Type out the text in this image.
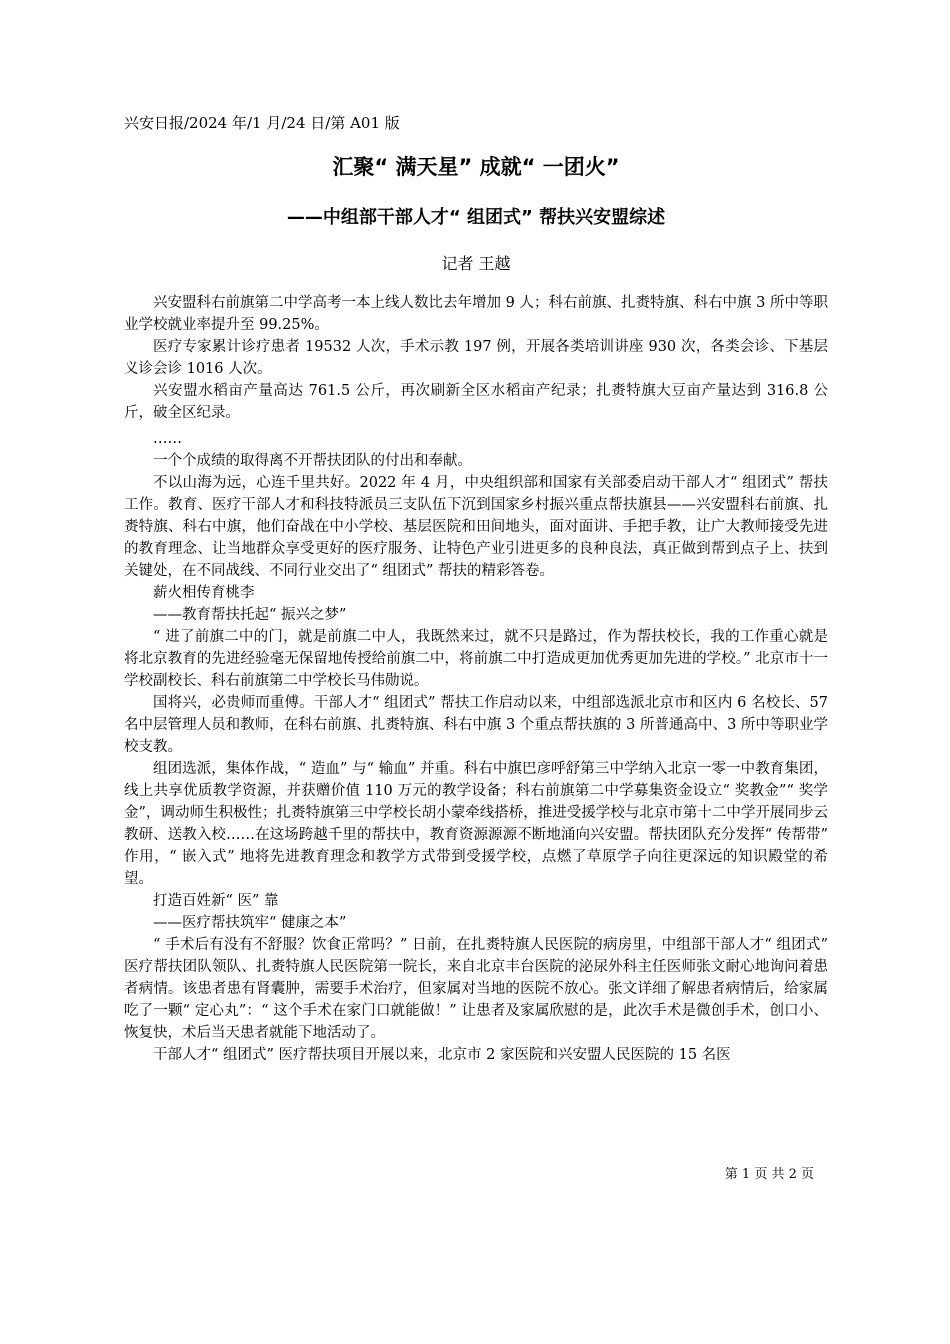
兴安日报/2024 年/1 月/24 日/第 A01 版
汇聚“ 满天星” 成就“ 一团火”
——中组部干部人才“ 组团式” 帮扶兴安盟综述
记者 王越

兴安盟科右前旗第二中学高考一本上线人数比去年增加 9 人；科右前旗、扎赉特旗、科右中旗 3 所中等职业学校就业率提升至 99.25%。

医疗专家累计诊疗患者 19532 人次，手术示教 197 例，开展各类培训讲座 930 次，各类会诊、下基层义诊会诊 1016 人次。

兴安盟水稻亩产量高达 761.5 公斤，再次刷新全区水稻亩产纪录；扎赉特旗大豆亩产量达到 316.8 公斤，破全区纪录。

……

一个个成绩的取得离不开帮扶团队的付出和奉献。

不以山海为远，心连千里共好。2022 年 4 月，中央组织部和国家有关部委启动干部人才“ 组团式” 帮扶工作。教育、医疗干部人才和科技特派员三支队伍下沉到国家乡村振兴重点帮扶旗县——兴安盟科右前旗、扎赉特旗、科右中旗，他们奋战在中小学校、基层医院和田间地头，面对面讲、手把手教，让广大教师接受先进的教育理念、让当地群众享受更好的医疗服务、让特色产业引进更多的良种良法，真正做到帮到点子上、扶到关键处，在不同战线、不同行业交出了“ 组团式” 帮扶的精彩答卷。

薪火相传育桃李

——教育帮扶托起“ 振兴之梦”

“ 进了前旗二中的门，就是前旗二中人，我既然来过，就不只是路过，作为帮扶校长，我的工作重心就是将北京教育的先进经验毫无保留地传授给前旗二中，将前旗二中打造成更加优秀更加先进的学校。” 北京市十一学校副校长、科右前旗第二中学校长马伟勋说。

国将兴，必贵师而重傅。干部人才“ 组团式” 帮扶工作启动以来，中组部选派北京市和区内 6 名校长、57 名中层管理人员和教师，在科右前旗、扎赉特旗、科右中旗 3 个重点帮扶旗的 3 所普通高中、3 所中等职业学校支教。

组团选派，集体作战，“ 造血” 与“ 输血” 并重。科右中旗巴彦呼舒第三中学纳入北京一零一中教育集团，线上共享优质教学资源，并获赠价值 110 万元的教学设备；科右前旗第二中学募集资金设立“ 奖教金”“ 奖学金”，调动师生积极性；扎赉特旗第三中学校长胡小蒙牵线搭桥，推进受援学校与北京市第十二中学开展同步云教研、送教入校……在这场跨越千里的帮扶中，教育资源源源不断地涌向兴安盟。帮扶团队充分发挥“ 传帮带” 作用，“ 嵌入式” 地将先进教育理念和教学方式带到受援学校，点燃了草原学子向往更深远的知识殿堂的希望。

打造百姓新“ 医” 靠

——医疗帮扶筑牢“ 健康之本”

“ 手术后有没有不舒服？饮食正常吗？” 日前，在扎赉特旗人民医院的病房里，中组部干部人才“ 组团式” 医疗帮扶团队领队、扎赉特旗人民医院第一院长，来自北京丰台医院的泌尿外科主任医师张文耐心地询问着患者病情。该患者患有肾囊肿，需要手术治疗，但家属对当地的医院不放心。张文详细了解患者病情后，给家属吃了一颗“ 定心丸”：“ 这个手术在家门口就能做！” 让患者及家属欣慰的是，此次手术是微创手术，创口小、恢复快，术后当天患者就能下地活动了。

干部人才“ 组团式” 医疗帮扶项目开展以来，北京市 2 家医院和兴安盟人民医院的 15 名医

第 1 页 共 2 页
